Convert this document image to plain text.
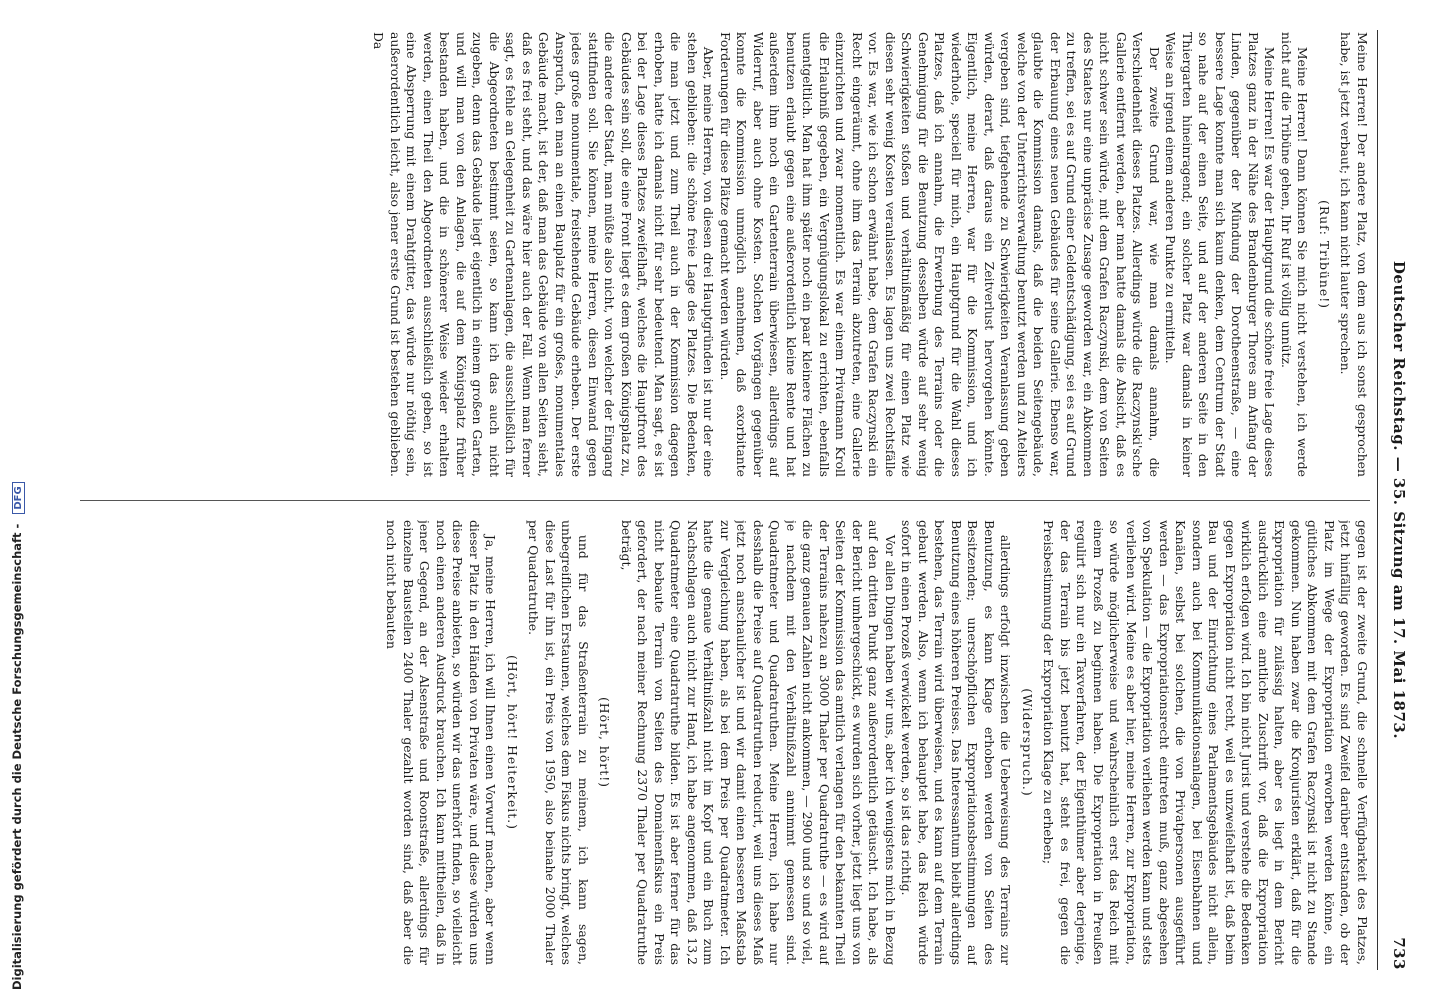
Digitalisierung gefördert durch die Deutsche Forschungsgemeinschaft - DFG	Deutscher Reichstag. — 35. Sitzung am 17. Mai 1873.
733

Meine Herren! Der andere Platz, von dem aus ich sonst gesprochen habe, ist jetzt verbaut; ich kann nicht lauter sprechen.

(Ruf: Tribüne!)

Meine Herren! Dann können Sie mich nicht verstehen, ich werde nicht auf die Tribüne gehen, Ihr Ruf ist völlig unnütz.

Meine Herren! Es war der Hauptgrund die schöne freie Lage dieses Platzes ganz in der Nähe des Brandenburger Thores am Anfang der Linden, gegenüber der Mündung der Dorotheenstraße, — eine bessere Lage konnte man sich kaum denken, dem Centrum der Stadt so nahe auf der einen Seite, und auf der anderen Seite in den Thiergarten hineinragend; ein solcher Platz war damals in keiner Weise an irgend einem anderen Punkte zu ermitteln.

Der zweite Grund war, wie man damals annahm, die Verschiedenheit dieses Platzes. Allerdings würde die Raczynski'sche Gallerie entfernt werden, aber man hatte damals die Absicht, daß es nicht schwer sein würde, mit dem Grafen Raczynski, dem von Seiten des Staates nur eine unpräcise Zusage geworden war, ein Abkommen zu treffen, sei es auf Grund einer Geldentschädigung, sei es auf Grund der Erbauung eines neuen Gebäudes für seine Gallerie. Ebenso war, glaubte die Kommission damals, daß die beiden Seitengebäude, welche von der Unterrichtsverwaltung benutzt werden und zu Ateliers vergeben sind, tiefgehende zu Schwierigkeiten Veranlassung geben würden, derart, daß daraus ein Zeitverlust hervorgehen könnte. Eigentlich, meine Herren, war für die Kommission, und ich wiederhole, speciell für mich, ein Hauptgrund für die Wahl dieses Platzes, daß ich annahm, die Erwerbung des Terrains oder die Genehmigung für die Benutzung desselben würde auf sehr wenig Schwierigkeiten stoßen und verhältnißmäßig für einen Platz wie diesen sehr wenig Kosten veranlassen. Es lagen uns zwei Rechtsfälle vor. Es war, wie ich schon erwähnt habe, dem Grafen Raczynski ein Recht eingeräumt, ohne ihm das Terrain abzutreten, eine Gallerie einzurichten und zwar momentlich. Es war einem Privatmann Kroll die Erlaubniß gegeben, ein Vergnügungslokal zu errichten, ebenfalls unentgeltlich. Man hat ihm später noch ein paar kleinere Flächen zu benutzen erlaubt gegen eine außerordentlich kleine Rente und hat außerdem ihm noch ein Gartenterrain überwiesen, allerdings auf Widerruf, aber auch ohne Kosten. Solchen Vorgängen gegenüber konnte die Kommission unmöglich annehmen, daß exorbitante Forderungen für diese Plätze gemacht werden würden.

Aber, meine Herren, von diesen drei Hauptgründen ist nur der eine stehen geblieben: die schöne freie Lage des Platzes. Die Bedenken, die man jetzt und zum Theil auch in der Kommission dagegen erhoben, hatte ich damals nicht für sehr bedeutend. Man sagt, es ist bei der Lage dieses Platzes zweifelhaft, welches die Hauptfront des Gebäudes sein soll, die eine Front liegt es dem großen Königsplatz zu, die andere der Stadt, man müßte also nicht, von welcher der Eingang stattfinden soll. Sie können, meine Herren, diesen Einwand gegen jedes große monumentale, freistehende Gebäude erheben. Der erste Anspruch, den man an einen Bauplatz für ein großes, monumentales Gebäude macht, ist der, daß man das Gebäude von allen Seiten sieht, daß es frei steht, und das wäre hier auch der Fall. Wenn man ferner sagt, es fehle an Gelegenheit zu Gartenanlagen, die ausschließlich für die Abgeordneten bestimmt seien, so kann ich das auch nicht zugeben, denn das Gebäude liegt eigentlich in einem großen Garten, und will man von den Anlagen, die auf dem Königsplatz früher bestanden haben, und die in schönerer Weise wieder erhalten werden, einen Theil den Abgeordneten ausschließlich geben, so ist eine Absperrung mit einem Drahtgitter, das würde nur nöthig sein, außerordentlich leicht, also jener erste Grund ist bestehen geblieben. Da

gegen ist der zweite Grund, die schnelle Verfügbarkeit des Platzes, jetzt hinfällig geworden. Es sind Zweifel darüber entstanden, ob der Platz im Wege der Expropriation erworben werden könne, ein gütliches Abkommen mit dem Grafen Raczynski ist nicht zu Stande gekommen. Nun haben zwar die Kronjuristen erklärt, daß für die Expropriation für zulässig halten, aber es liegt in dem Bericht ausdrücklich eine amtliche Zuschrift vor, daß die Expropriation wirklich erfolgen wird. Ich bin nicht Jurist und verstehe die Bedenken gegen Expropriation nicht recht, weil es unzweifelhaft ist, daß beim Bau und der Einrichtung eines Parlamentsgebäudes nicht allein, sondern auch bei Kommunikationsanlagen, bei Eisenbahnen und Kanälen, selbst bei solchen, die von Privatpersonen ausgeführt werden — das Expropriationsrecht eintreten muß, ganz abgesehen von Spekulation — die Expropriation verliehen werden kann und stets verliehen wird. Meine es aber hier, meine Herren, zur Expropriation, so würde möglicherweise und wahrscheinlich erst das Reich mit einem Prozeß zu beginnen haben. Die Expropriation in Preußen regulirt sich nur ein Taxverfahren, der Eigenthümer aber derjenige, der das Terrain bis jetzt benutzt hat, steht es frei, gegen die Preisbestimmung der Expropriation Klage zu erheben;

(Widerspruch.)

allerdings erfolgt inzwischen die Ueberweisung des Terrains zur Benutzung, es kann Klage erhoben werden von Seiten des Besitzenden; unerschöpflichen Expropriationsbestimmungen auf Benutzung eines höheren Preises. Das Interessantum bleibt allerdings bestehen, das Terrain wird überweisen, und es kann auf dem Terrain gebaut werden. Also, wenn ich behauptet habe, das Reich würde sofort in einen Prozeß verwickelt werden, so ist das richtig.

Vor allen Dingen haben wir uns, aber ich wenigstens mich in Bezug auf den dritten Punkt ganz außerordentlich getäuscht. Ich habe, als der Bericht umhergeschickt, es wurden sich vorher, jetzt liegt uns von Seiten der Kommission das amtlich verlangen für den bekannten Theil der Terrains nahezu an 3000 Thaler per Quadratruthe — es wird auf die ganz genauen Zahlen nicht ankommen, — 2900 und so und so viel, je nachdem mit den Verhältnißzahl annimmt gemessen sind. Quadratmeter und Quadratruthen. Meine Herren, ich habe nur desshalb die Preise auf Quadratruthen reducirt, weil uns dieses Maß jetzt noch anschaulicher ist und wir damit einen besseren Maßstab zur Vergleichung haben, als bei dem Preis per Quadratmeter. Ich hatte die genaue Verhältnißzahl nicht im Kopf und ein Buch zum Nachschlagen auch nicht zur Hand, ich habe angenommen, daß 13,2 Quadratmeter eine Quadratruthe bilden. Es ist aber ferner für das nicht bebaute Terrain von Seiten des Domainenfiskus ein Preis gefordert, der nach meiner Rechnung 2370 Thaler per Quadratruthe beträgt,

(Hört, hört!)

und für das Straßenterrain zu meinem, ich kann sagen, unbegreiflichen Erstaunen, welches dem Fiskus nichts bringt, welches diese Last für ihn ist, ein Preis von 1950, also beinahe 2000 Thaler per Quadratruthe.

(Hört, hört! Heiterkeit.)

Ja, meine Herren, ich will Ihnen einen Vorwurf machen, aber wenn dieser Platz in den Händen von Privaten wäre, und diese würden uns diese Preise anbieten, so würden wir das unerhört finden, so vielleicht noch einen anderen Ausdruck brauchen. Ich kann mittheilen, daß in jener Gegend, an der Alsenstraße und Roonstraße, allerdings für einzelne Baustellen 2400 Thaler gezahlt worden sind, daß aber die noch nicht bebauten
